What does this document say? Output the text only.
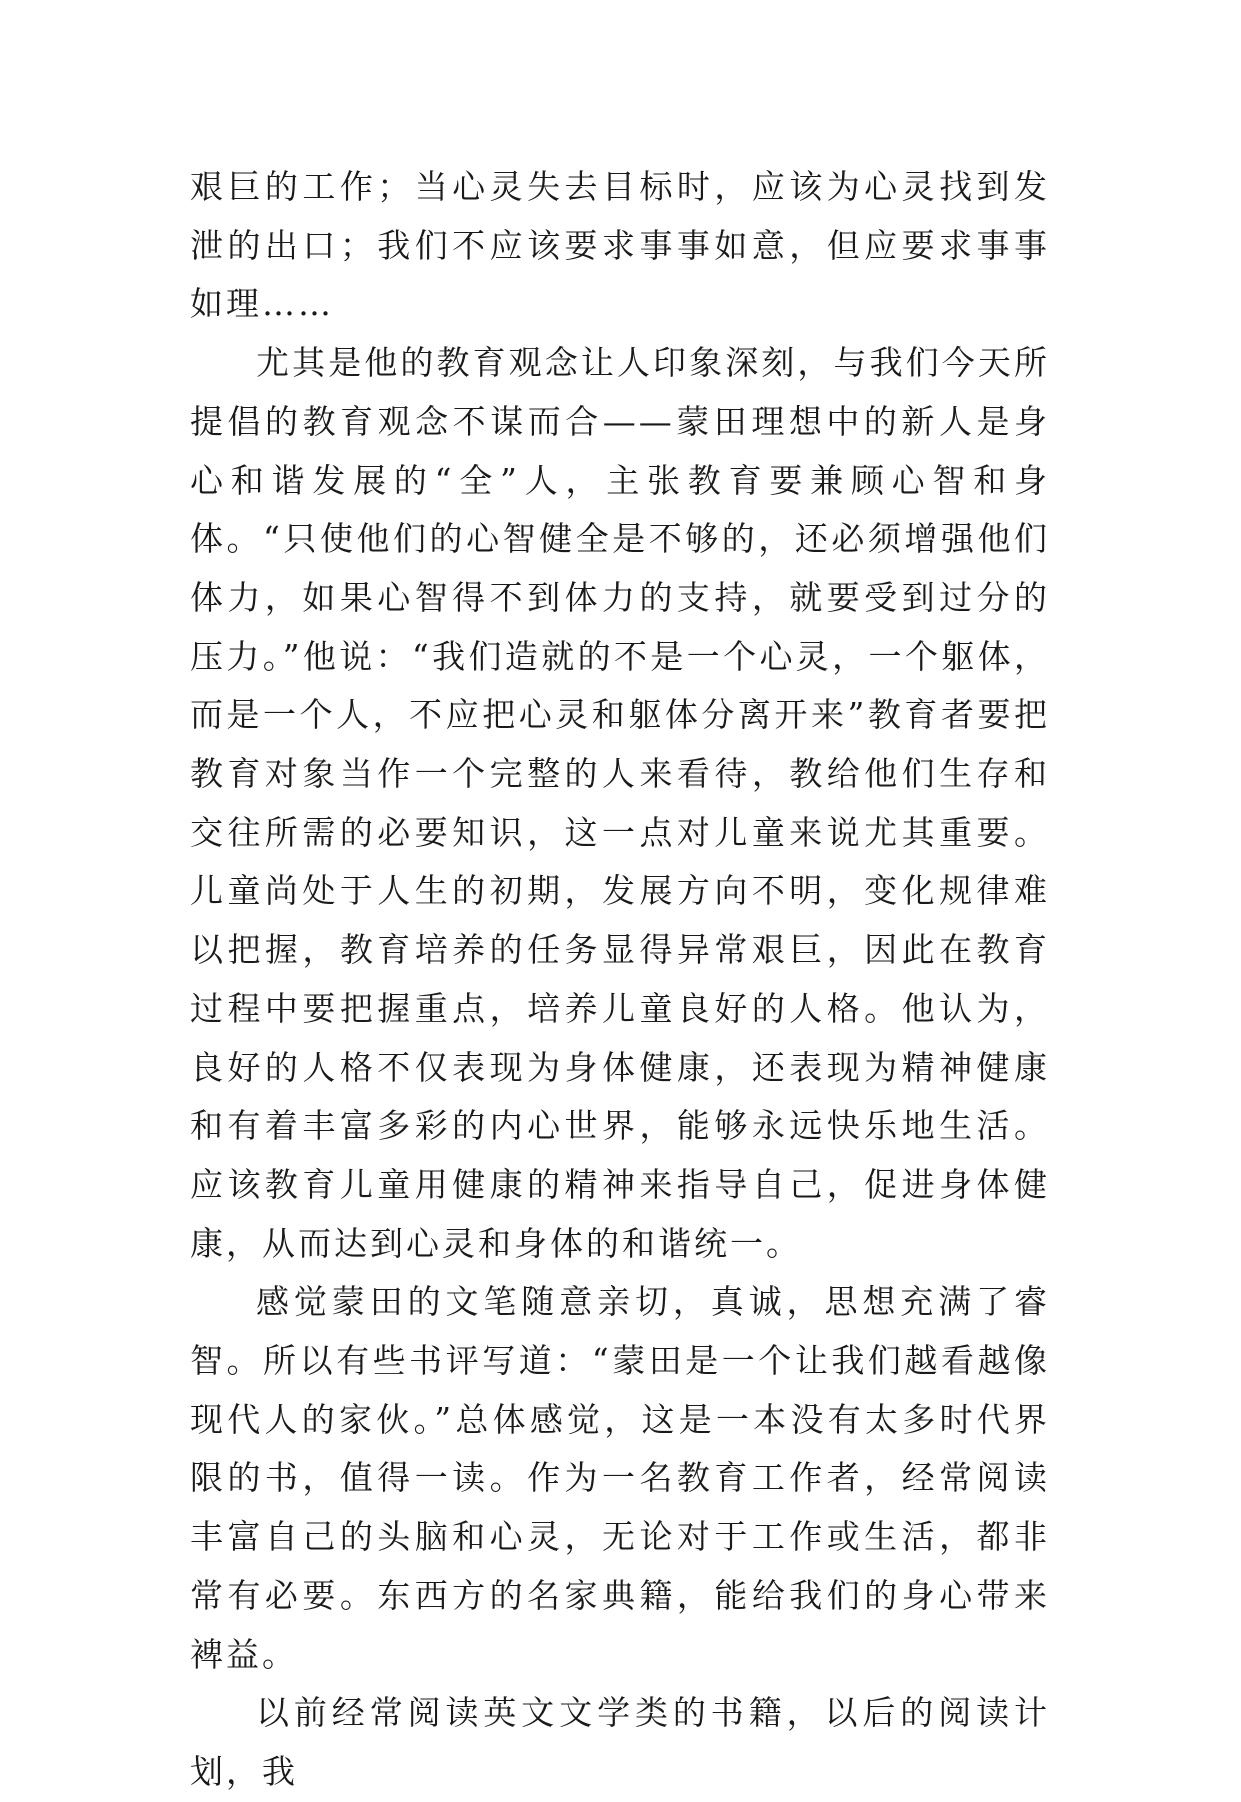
艰巨的工作；当心灵失去目标时，应该为心灵找到发泄的出口；我们不应该要求事事如意，但应要求事事如理……

尤其是他的教育观念让人印象深刻，与我们今天所提倡的教育观念不谋而合——蒙田理想中的新人是身心和谐发展的“全”人，主张教育要兼顾心智和身体。“只使他们的心智健全是不够的，还必须增强他们体力，如果心智得不到体力的支持，就要受到过分的压力。”他说：“我们造就的不是一个心灵，一个躯体，而是一个人，不应把心灵和躯体分离开来”教育者要把教育对象当作一个完整的人来看待，教给他们生存和交往所需的必要知识，这一点对儿童来说尤其重要。儿童尚处于人生的初期，发展方向不明，变化规律难以把握，教育培养的任务显得异常艰巨，因此在教育过程中要把握重点，培养儿童良好的人格。他认为，良好的人格不仅表现为身体健康，还表现为精神健康和有着丰富多彩的内心世界，能够永远快乐地生活。应该教育儿童用健康的精神来指导自己，促进身体健康，从而达到心灵和身体的和谐统一。

感觉蒙田的文笔随意亲切，真诚，思想充满了睿智。所以有些书评写道：“蒙田是一个让我们越看越像现代人的家伙。”总体感觉，这是一本没有太多时代界限的书，值得一读。作为一名教育工作者，经常阅读丰富自己的头脑和心灵，无论对于工作或生活，都非常有必要。东西方的名家典籍，能给我们的身心带来裨益。

以前经常阅读英文文学类的书籍，以后的阅读计划，我
